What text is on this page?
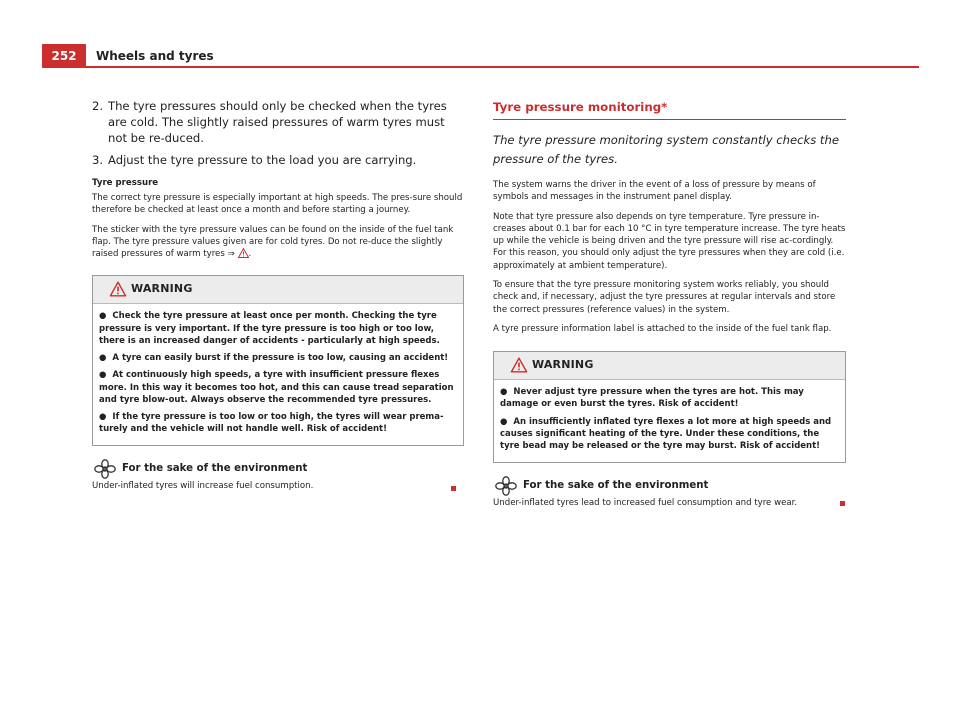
252	Wheels and tyres
2. The tyre pressures should only be checked when the tyres are cold. The slightly raised pressures of warm tyres must not be re-duced.
3. Adjust the tyre pressure to the load you are carrying.
Tyre pressure

The correct tyre pressure is especially important at high speeds. The pres-sure should therefore be checked at least once a month and before starting a journey.

The sticker with the tyre pressure values can be found on the inside of the fuel tank flap. The tyre pressure values given are for cold tyres. Do not re-duce the slightly raised pressures of warm tyres ⇒ .

WARNING

● Check the tyre pressure at least once per month. Checking the tyre pressure is very important. If the tyre pressure is too high or too low, there is an increased danger of accidents - particularly at high speeds.

● A tyre can easily burst if the pressure is too low, causing an accident!

● At continuously high speeds, a tyre with insufficient pressure flexes more. In this way it becomes too hot, and this can cause tread separation and tyre blow-out. Always observe the recommended tyre pressures.

● If the tyre pressure is too low or too high, the tyres will wear prema-turely and the vehicle will not handle well. Risk of accident!

For the sake of the environment
Under-inflated tyres will increase fuel consumption.
Tyre pressure monitoring*
The tyre pressure monitoring system constantly checks the pressure of the tyres.

The system warns the driver in the event of a loss of pressure by means of symbols and messages in the instrument panel display.

Note that tyre pressure also depends on tyre temperature. Tyre pressure in-creases about 0.1 bar for each 10 °C in tyre temperature increase. The tyre heats up while the vehicle is being driven and the tyre pressure will rise ac-cordingly. For this reason, you should only adjust the tyre pressures when they are cold (i.e. approximately at ambient temperature).

To ensure that the tyre pressure monitoring system works reliably, you should check and, if necessary, adjust the tyre pressures at regular intervals and store the correct pressures (reference values) in the system.

A tyre pressure information label is attached to the inside of the fuel tank flap.

WARNING

● Never adjust tyre pressure when the tyres are hot. This may damage or even burst the tyres. Risk of accident!

● An insufficiently inflated tyre flexes a lot more at high speeds and causes significant heating of the tyre. Under these conditions, the tyre bead may be released or the tyre may burst. Risk of accident!

For the sake of the environment
Under-inflated tyres lead to increased fuel consumption and tyre wear.
